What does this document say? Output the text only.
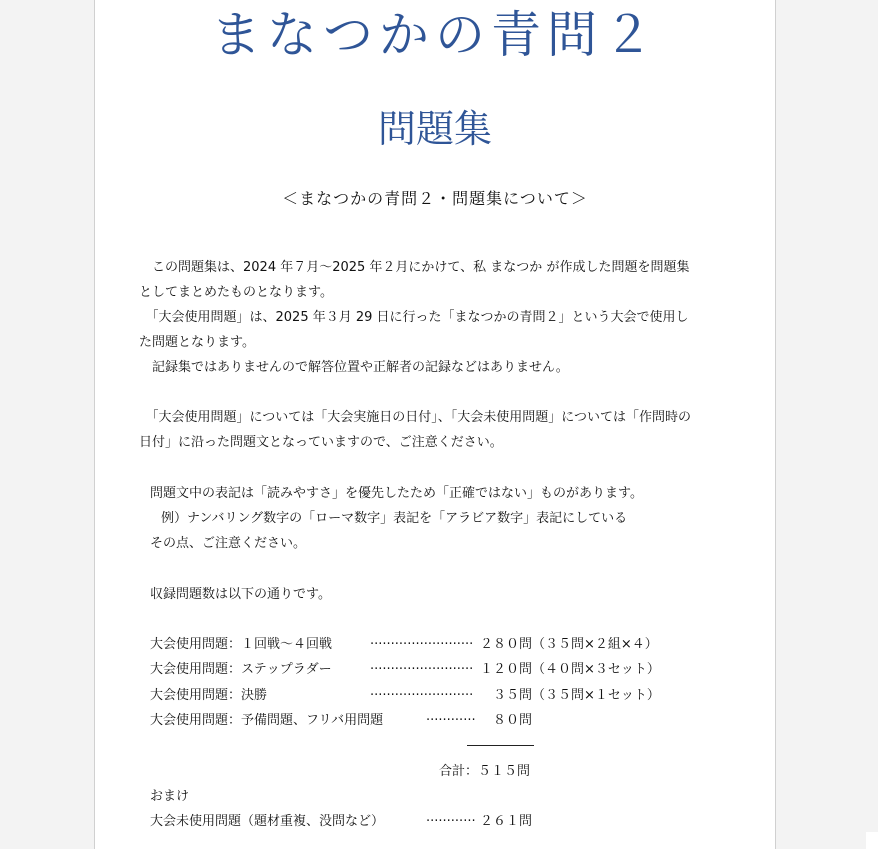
まなつかの青問２
問題集
＜まなつかの青問２・問題集について＞

　この問題集は、2024 年７月～2025 年２月にかけて、私 まなつか が作成した問題を問題集

としてまとめたものとなります。

　「大会使用問題」は、2025 年３月 29 日に行った「まなつかの青問２」という大会で使用し

た問題となります。

　記録集ではありませんので解答位置や正解者の記録などはありません。

　「大会使用問題」については「大会実施日の日付」、「大会未使用問題」については「作問時の

日付」に沿った問題文となっていますので、ご注意ください。

問題文中の表記は「読みやすさ」を優先したため「正確ではない」ものがあります。

例）ナンバリング数字の「ローマ数字」表記を「アラビア数字」表記にしている

その点、ご注意ください。

収録問題数は以下の通りです。

大会使用問題：１回戦～４回戦	························· ２８０問（３５問×２組×４）

大会使用問題：ステップラダー	························· １２０問（４０問×３セット）

大会使用問題：決勝	························· 　３５問（３５問×１セット）

大会使用問題：予備問題、フリバ用問題	············ 　８０問

合計：５１５問

おまけ

大会未使用問題（題材重複、没問など）	············ ２６１問
